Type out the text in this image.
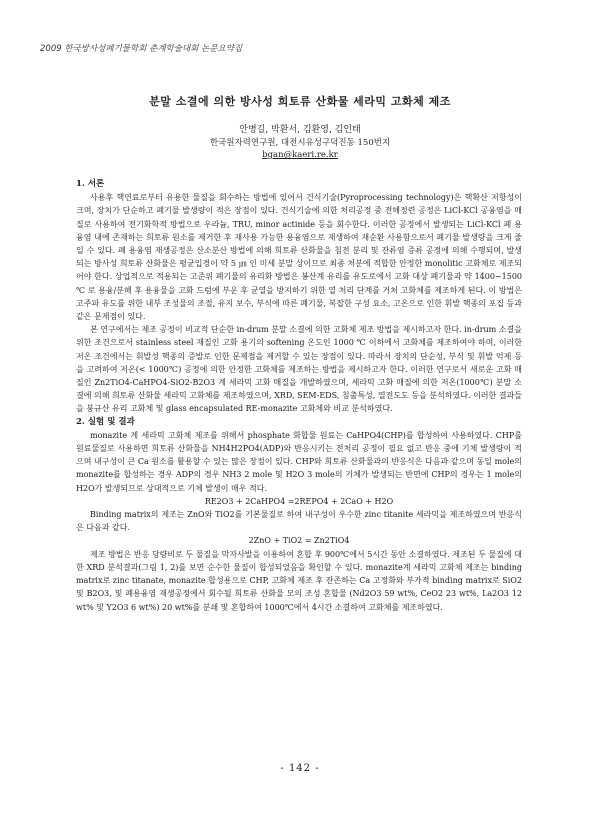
2009 한국방사성폐기물학회 춘계학술대회 논문요약집
분말 소결에 의한 방사성 희토류 산화물 세라믹 고화체 제조
안병길, 박환서, 김환영, 김인태
한국원자력연구원, 대전시유성구덕진동 150번지
bgan@kaeri.re.kr
1. 서론

사용후 핵연료로부터 유용한 물질을 회수하는 방법에 있어서 건식기술(Pyroprocessing technology)은 핵확산 저항성이 크며, 장치가 단순하고 폐기물 발생량이 적은 장점이 있다. 건식기술에 의한 처리공정 중 전해정련 공정은 LiCl-KCl 공융염을 매질로 사용하여 전기화학적 방법으로 우라늄, TRU, minor actinide 등을 회수한다. 이러한 공정에서 발생되는 LiCl-KCl 폐 용융염 내에 존재하는 희토류 원소를 제거한 후 재사용 가능한 용융염으로 재생하여 재순환 사용함으로서 폐기물 발생량을 크게 줄일 수 있다. 폐 용융염 재생공정은 산소분산 방법에 의해 희토류 산화물을 침전 분리 및 잔류염 증류 공정에 의해 수행되며, 발생되는 방사성 희토류 산화물은 평균입경이 약 5 ㎛ 인 미세 분말 상이므로 최종 처분에 적합한 안정한 monolitic 고화체로 제조되어야 한다. 상업적으로 적용되는 고준위 폐기물의 유리화 방법은 봉산계 유리를 유도로에서 고화 대상 폐기물과 약 1400~1500 ℃ 로 용융/분해 후 용융물을 고화 드럼에 부운 후 균열을 방지하기 위한 열 처리 단계를 거쳐 고화체를 제조하게 된다. 이 방법은 고주파 유도를 위한 내부 조성물의 조절, 유지 보수, 부식에 따른 폐기물, 복잡한 구성 요소, 고온으로 인한 휘발 핵종의 포집 등과 같은 문제점이 있다.

본 연구에서는 제조 공정이 비교적 단순한 in-drum 분말 소결에 의한 고화체 제조 방법을 제시하고자 한다. in-drum 소결을 위한 조건으로서 stainless steel 재질인 고화 용기의 softening 온도인 1000 ℃ 이하에서 고화체를 제조하여야 하며, 이러한 저온 조건에서는 휘발성 핵종의 증발로 인한 문제점을 제거할 수 있는 장점이 있다. 따라서 장치의 단순성, 부식 및 휘발 억제 등을 고려하여 저온(< 1000℃) 공정에 의한 안정한 고화체를 제조하는 방법을 제시하고자 한다. 이러한 연구로서 새로운 고화 매질인 Zn2TiO4-CaHPO4-SiO2-B2O3 계 세라믹 고화 매질을 개발하였으며, 세라믹 고화 매질에 의한 저온(1000℃) 분말 소결에 의해 희토류 산화물 세라믹 고화체를 제조하였으며, XRD, SEM-EDS, 침출특성, 열전도도 등을 분석하였다. 이러한 결과들을 붕규산 유리 고화체 및 glass encapsulated RE-monazite 고화체와 비교 분석하였다.

2. 실험 및 결과

monazite 계 세라믹 고화체 제조를 위해서 phosphate 화합물 원료는 CaHPO4(CHP)를 합성하여 사용하였다. CHP를 원료물질로 사용하면 희토류 산화물을 NH4H2PO4(ADP)와 반응시키는 전처리 공정이 필요 없고 반응 중에 기체 발생량이 적으며 내구성이 큰 Ca 원소를 활용할 수 있는 많은 장점이 있다. CHP와 희토류 산화물과의 반응식은 다음과 같으며 동일 mole의 monazite를 합성하는 경우 ADP의 경우 NH3 2 mole 및 H2O 3 mole의 기체가 발생되는 반면에 CHP의 경우는 1 mole의 H2O가 발생되므로 상대적으로 기체 발생이 매우 적다.

RE2O3 + 2CaHPO4 =2REPO4 + 2CaO + H2O

Binding matrix의 제조는 ZnO와 TiO2를 기본물질로 하여 내구성이 우수한 zinc titanite 세라믹을 제조하였으며 반응식은 다음과 같다.

2ZnO + TiO2 = Zn2TiO4

제조 방법은 반응 당량비로 두 물질을 막자사발을 이용하여 혼합 후 900℃에서 5시간 동안 소결하였다. 제조된 두 물질에 대한 XRD 분석결과(그림 1, 2)를 보면 순수한 물질이 합성되었음을 확인할 수 있다. monazite계 세라믹 고화체 제조는 binding matrix로 zinc titanate, monazite 합성용으로 CHP, 고화체 제조 후 잔존하는 Ca 고정화와 부가적 binding matrix로 SiO2 및 B2O3, 및 폐용융염 재생공정에서 회수될 희토류 산화물 모의 조성 혼합물 (Nd2O3 59 wt%, CeO2 23 wt%, La2O3 12 wt% 및 Y2O3 6 wt%) 20 wt%를 분쇄 및 혼합하여 1000℃에서 4시간 소결하여 고화체를 제조하였다.

- 142 -
